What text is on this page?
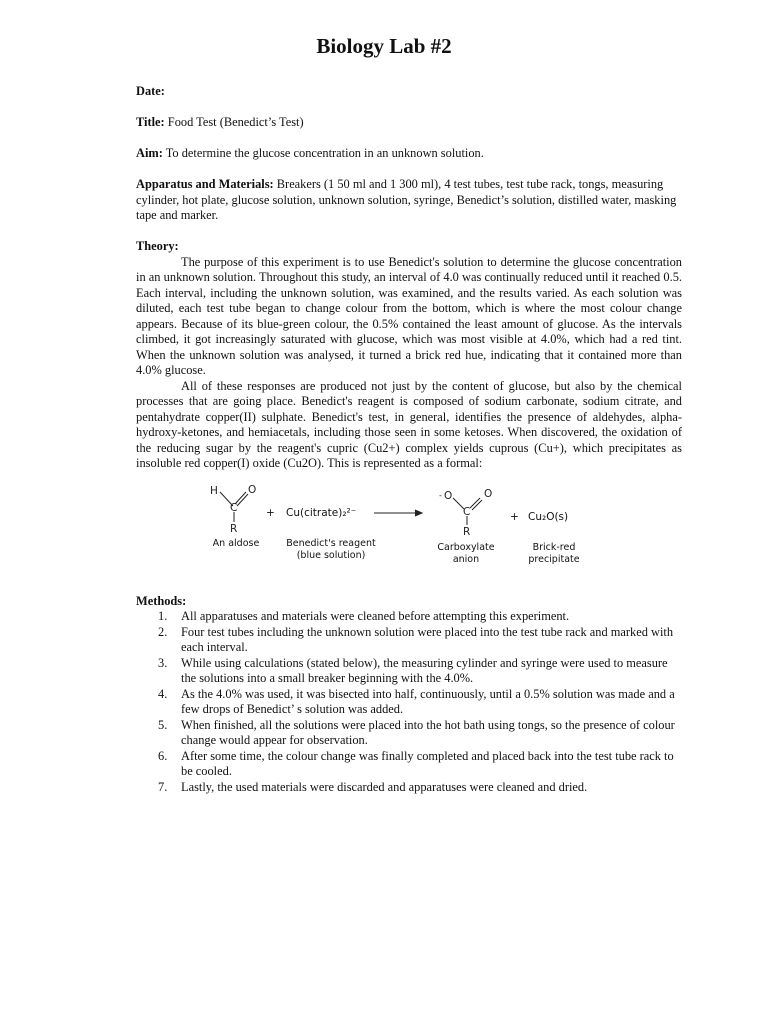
Biology Lab #2

Date:

Title: Food Test (Benedict’s Test)

Aim: To determine the glucose concentration in an unknown solution.

Apparatus and Materials: Breakers (1 50 ml and 1 300 ml), 4 test tubes, test tube rack, tongs, measuring cylinder, hot plate, glucose solution, unknown solution, syringe, Benedict’s solution, distilled water, masking tape and marker.

Theory:

The purpose of this experiment is to use Benedict's solution to determine the glucose concentration in an unknown solution. Throughout this study, an interval of 4.0 was continually reduced until it reached 0.5. Each interval, including the unknown solution, was examined, and the results varied. As each solution was diluted, each test tube began to change colour from the bottom, which is where the most colour change appears. Because of its blue-green colour, the 0.5% contained the least amount of glucose. As the intervals climbed, it got increasingly saturated with glucose, which was most visible at 4.0%, which had a red tint. When the unknown solution was analysed, it turned a brick red hue, indicating that it contained more than 4.0% glucose.

All of these responses are produced not just by the content of glucose, but also by the chemical processes that are going place. Benedict's reagent is composed of sodium carbonate, sodium citrate, and pentahydrate copper(II) sulphate. Benedict's test, in general, identifies the presence of aldehydes, alpha-hydroxy-ketones, and hemiacetals, including those seen in some ketoses. When discovered, the oxidation of the reducing sugar by the reagent's cupric (Cu2+) complex yields cuprous (Cu+), which precipitates as insoluble red copper(I) oxide (Cu2O). This is represented as a formal:

H
C
O
R
- O
C
O
R
+ Cu(citrate)₂²⁻	+ Cu₂O(s)
An aldose	Benedict's reagent
(blue solution)
Carboxylate
anion
Brick-red
precipitate

Methods:

1. All apparatuses and materials were cleaned before attempting this experiment.
2. Four test tubes including the unknown solution were placed into the test tube rack and marked with each interval.
3. While using calculations (stated below), the measuring cylinder and syringe were used to measure the solutions into a small breaker beginning with the 4.0%.
4. As the 4.0% was used, it was bisected into half, continuously, until a 0.5% solution was made and a few drops of Benedict’ s solution was added.
5. When finished, all the solutions were placed into the hot bath using tongs, so the presence of colour change would appear for observation.
6. After some time, the colour change was finally completed and placed back into the test tube rack to be cooled.
7. Lastly, the used materials were discarded and apparatuses were cleaned and dried.
